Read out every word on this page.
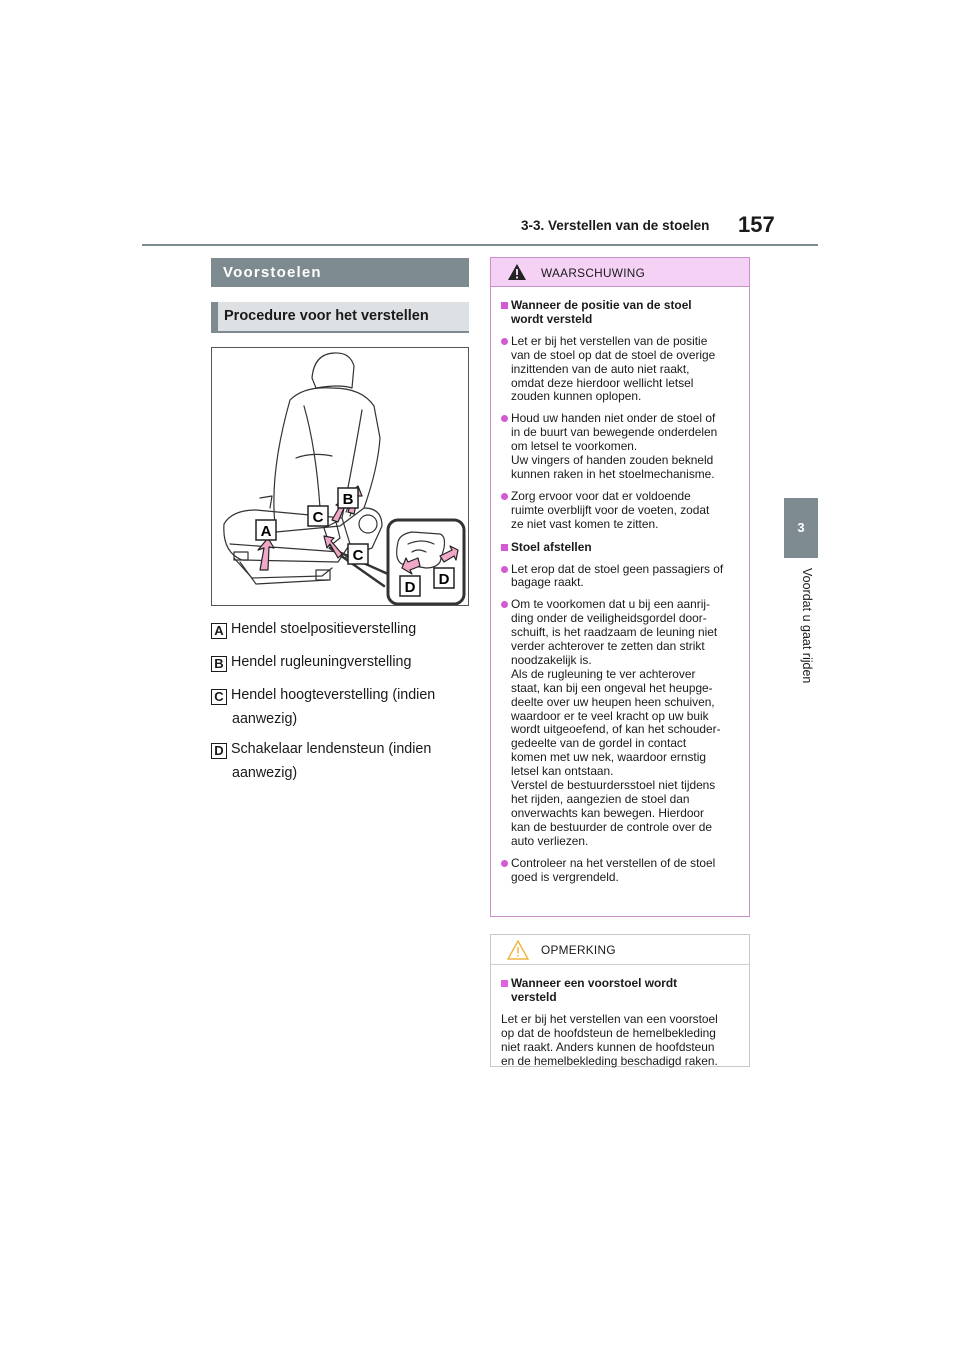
3-3. Verstellen van de stoelen 157
3
Voordat u gaat rijden
Voorstoelen
Procedure voor het verstellen
B
C
A
C
D D
A Hendel stoelpositieverstelling
B Hendel rugleuningverstelling
C Hendel hoogteverstelling (indien
aanwezig)
D Schakelaar lendensteun (indien
aanwezig)
WAARSCHUWING
Wanneer de positie van de stoel
wordt versteld
Let er bij het verstellen van de positie
van de stoel op dat de stoel de overige
inzittenden van de auto niet raakt,
omdat deze hierdoor wellicht letsel
zouden kunnen oplopen.
Houd uw handen niet onder de stoel of
in de buurt van bewegende onderdelen
om letsel te voorkomen.
Uw vingers of handen zouden bekneld
kunnen raken in het stoelmechanisme.
Zorg ervoor voor dat er voldoende
ruimte overblijft voor de voeten, zodat
ze niet vast komen te zitten.
Stoel afstellen
Let erop dat de stoel geen passagiers of
bagage raakt.
Om te voorkomen dat u bij een aanrij-
ding onder de veiligheidsgordel door-
schuift, is het raadzaam de leuning niet
verder achterover te zetten dan strikt
noodzakelijk is.
Als de rugleuning te ver achterover
staat, kan bij een ongeval het heupge-
deelte over uw heupen heen schuiven,
waardoor er te veel kracht op uw buik
wordt uitgeoefend, of kan het schouder-
gedeelte van de gordel in contact
komen met uw nek, waardoor ernstig
letsel kan ontstaan.
Verstel de bestuurdersstoel niet tijdens
het rijden, aangezien de stoel dan
onverwachts kan bewegen. Hierdoor
kan de bestuurder de controle over de
auto verliezen.
Controleer na het verstellen of de stoel
goed is vergrendeld.
OPMERKING
Wanneer een voorstoel wordt
versteld
Let er bij het verstellen van een voorstoel
op dat de hoofdsteun de hemelbekleding
niet raakt. Anders kunnen de hoofdsteun
en de hemelbekleding beschadigd raken.
